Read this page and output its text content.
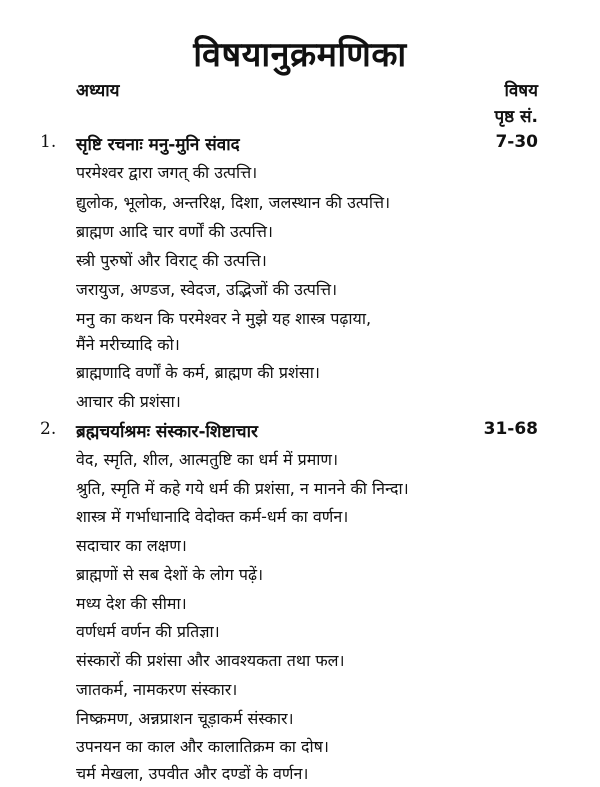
विषयानुक्रमणिका
अध्याय	विषय
पृष्ठ सं.
1. सृष्टि रचनाः मनु-मुनि संवाद	7-30
परमेश्वर द्वारा जगत् की उत्पत्ति।
द्युलोक, भूलोक, अन्तरिक्ष, दिशा, जलस्थान की उत्पत्ति।
ब्राह्मण आदि चार वर्णों की उत्पत्ति।
स्त्री पुरुषों और विराट् की उत्पत्ति।
जरायुज, अण्डज, स्वेदज, उद्भिजों की उत्पत्ति।
मनु का कथन कि परमेश्वर ने मुझे यह शास्त्र पढ़ाया,
मैंने मरीच्यादि को।
ब्राह्मणादि वर्णों के कर्म, ब्राह्मण की प्रशंसा।
आचार की प्रशंसा।
2. ब्रह्मचर्याश्रमः संस्कार-शिष्टाचार	31-68
वेद, स्मृति, शील, आत्मतुष्टि का धर्म में प्रमाण।
श्रुति, स्मृति में कहे गये धर्म की प्रशंसा, न मानने की निन्दा।
शास्त्र में गर्भाधानादि वेदोक्त कर्म-धर्म का वर्णन।
सदाचार का लक्षण।
ब्राह्मणों से सब देशों के लोग पढ़ें।
मध्य देश की सीमा।
वर्णधर्म वर्णन की प्रतिज्ञा।
संस्कारों की प्रशंसा और आवश्यकता तथा फल।
जातकर्म, नामकरण संस्कार।
निष्क्रमण, अन्नप्राशन चूड़ाकर्म संस्कार।
उपनयन का काल और कालातिक्रम का दोष।
चर्म मेखला, उपवीत और दण्डों के वर्णन।
